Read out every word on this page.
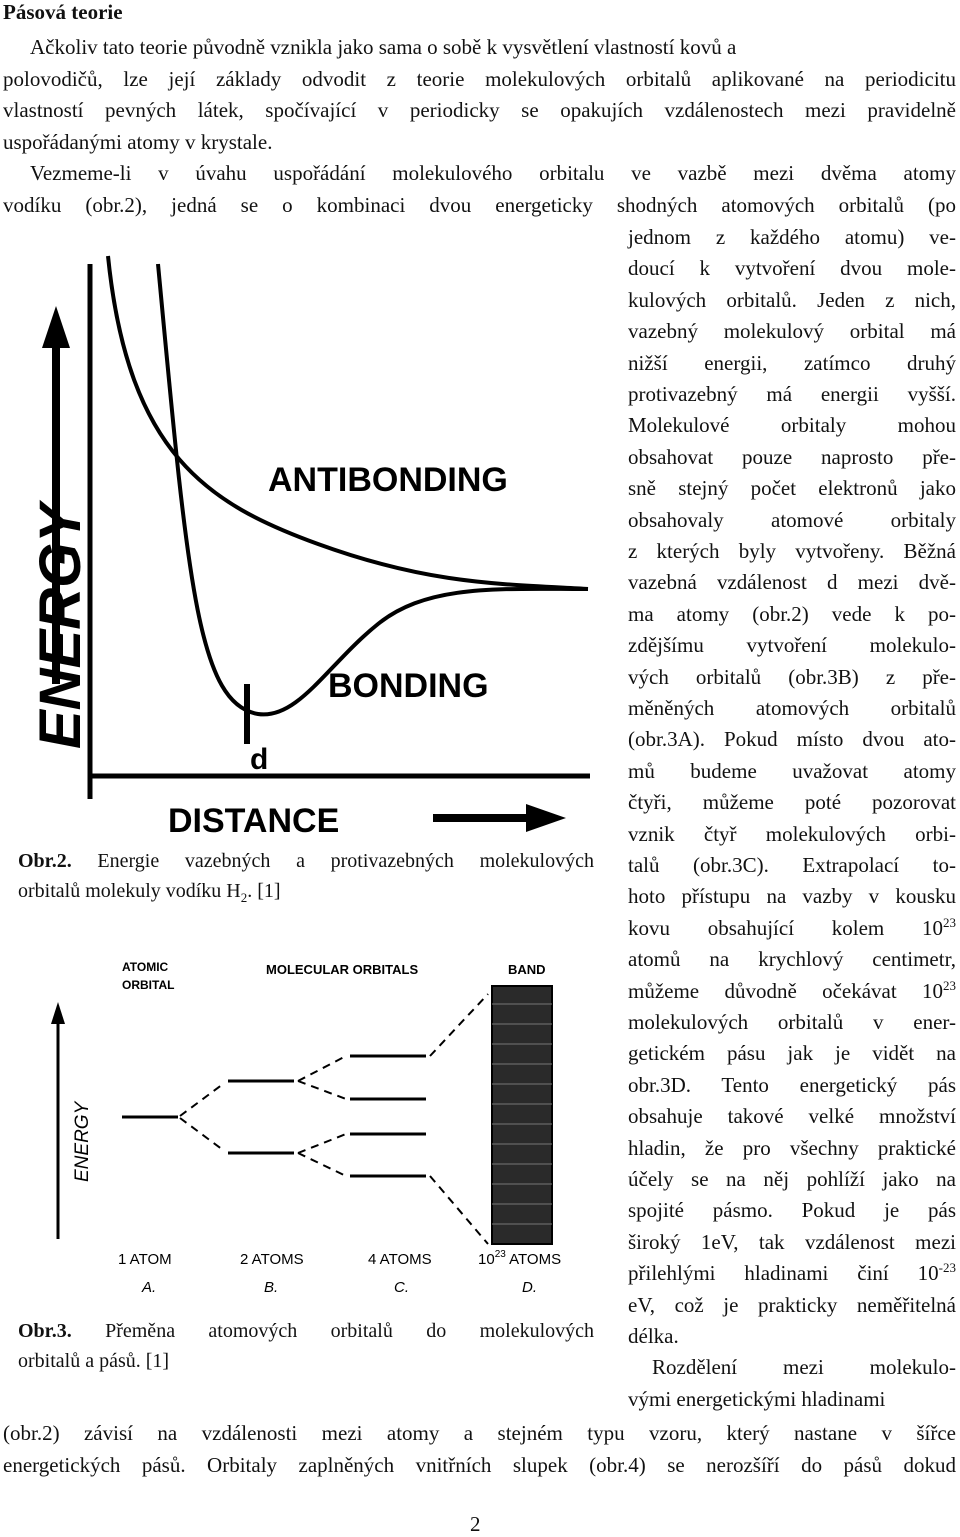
Pásová teorie
Ačkoliv tato teorie původně vznikla jako sama o sobě k vysvětlení vlastností kovů a
polovodičů, lze její základy odvodit z teorie molekulových orbitalů aplikované na periodicitu
vlastností pevných látek, spočívající v periodicky se opakujích vzdálenostech mezi pravidelně
uspořádanými atomy v krystale.
Vezmeme-li v úvahu uspořádání molekulového orbitalu ve vazbě mezi dvěma atomy
vodíku (obr.2), jedná se o kombinaci dvou energeticky shodných atomových orbitalů (po
jednom z každého atomu) ve-
doucí k vytvoření dvou mole-
kulových orbitalů. Jeden z nich,
vazebný molekulový orbital má
nižší energii, zatímco druhý
protivazebný má energii vyšší.
Molekulové orbitaly mohou
obsahovat pouze naprosto pře-
sně stejný počet elektronů jako
obsahovaly atomové orbitaly
z kterých byly vytvořeny. Běžná
vazebná vzdálenost d mezi dvě-
ma atomy (obr.2) vede k po-
zdějšímu vytvoření molekulo-
vých orbitalů (obr.3B) z pře-
měněných atomových orbitalů
(obr.3A). Pokud místo dvou ato-
mů budeme uvažovat atomy
čtyři, můžeme poté pozorovat
vznik čtyř molekulových orbi-
talů (obr.3C). Extrapolací to-
hoto přístupu na vazby v kousku
kovu obsahující kolem $10^{23}$
atomů na krychlový centimetr,
můžeme důvodně očekávat $10^{23}$
molekulových orbitalů v ener-
getickém pásu jak je vidět na
obr.3D. Tento energetický pás
obsahuje takové velké množství
hladin, že pro všechny praktické
účely se na něj pohlíží jako na
spojité pásmo. Pokud je pás
široký 1eV, tak vzdálenost mezi
přilehlými hladinami činí $10^{-23}$
eV, což je prakticky neměřitelná
délka.
Rozdělení mezi molekulo-
vými energetickými hladinami
ENERGY
d
ANTIBONDING
BONDING
DISTANCE
Obr.2. Energie vazebných a protivazebných molekulových
orbitalů molekuly vodíku $H_2$. [1]
ATOMIC
ORBITAL
MOLECULAR ORBITALS	BAND
ENERGY
1 ATOM	2 ATOMS	4 ATOMS	$10^{23}$ ATOMS
A.	B.	C.	D.
Obr.3. Přeměna atomových orbitalů do molekulových
orbitalů a pásů. [1]
(obr.2) závisí na vzdálenosti mezi atomy a stejném typu vzoru, který nastane v šířce
energetických pásů. Orbitaly zaplněných vnitřních slupek (obr.4) se nerozšíří do pásů dokud
2
